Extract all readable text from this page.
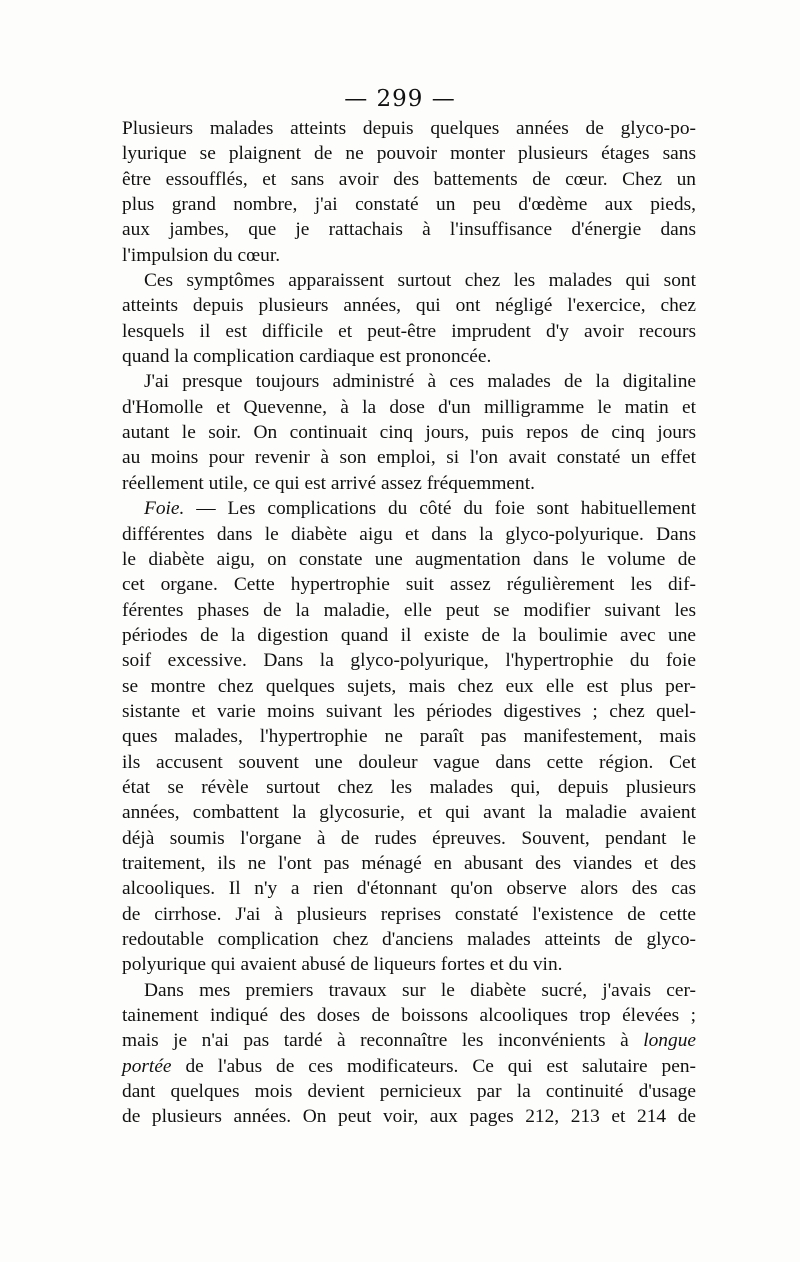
— 299 —
Plusieurs malades atteints depuis quelques années de glyco-po-
lyurique se plaignent de ne pouvoir monter plusieurs étages sans
être essoufflés, et sans avoir des battements de cœur. Chez un
plus grand nombre, j'ai constaté un peu d'œdème aux pieds,
aux jambes, que je rattachais à l'insuffisance d'énergie dans
l'impulsion du cœur.
Ces symptômes apparaissent surtout chez les malades qui sont
atteints depuis plusieurs années, qui ont négligé l'exercice, chez
lesquels il est difficile et peut-être imprudent d'y avoir recours
quand la complication cardiaque est prononcée.
J'ai presque toujours administré à ces malades de la digitaline
d'Homolle et Quevenne, à la dose d'un milligramme le matin et
autant le soir. On continuait cinq jours, puis repos de cinq jours
au moins pour revenir à son emploi, si l'on avait constaté un effet
réellement utile, ce qui est arrivé assez fréquemment.
Foie. — Les complications du côté du foie sont habituellement
différentes dans le diabète aigu et dans la glyco-polyurique. Dans
le diabète aigu, on constate une augmentation dans le volume de
cet organe. Cette hypertrophie suit assez régulièrement les dif-
férentes phases de la maladie, elle peut se modifier suivant les
périodes de la digestion quand il existe de la boulimie avec une
soif excessive. Dans la glyco-polyurique, l'hypertrophie du foie
se montre chez quelques sujets, mais chez eux elle est plus per-
sistante et varie moins suivant les périodes digestives ; chez quel-
ques malades, l'hypertrophie ne paraît pas manifestement, mais
ils accusent souvent une douleur vague dans cette région. Cet
état se révèle surtout chez les malades qui, depuis plusieurs
années, combattent la glycosurie, et qui avant la maladie avaient
déjà soumis l'organe à de rudes épreuves. Souvent, pendant le
traitement, ils ne l'ont pas ménagé en abusant des viandes et des
alcooliques. Il n'y a rien d'étonnant qu'on observe alors des cas
de cirrhose. J'ai à plusieurs reprises constaté l'existence de cette
redoutable complication chez d'anciens malades atteints de glyco-
polyurique qui avaient abusé de liqueurs fortes et du vin.
Dans mes premiers travaux sur le diabète sucré, j'avais cer-
tainement indiqué des doses de boissons alcooliques trop élevées ;
mais je n'ai pas tardé à reconnaître les inconvénients à longue
portée de l'abus de ces modificateurs. Ce qui est salutaire pen-
dant quelques mois devient pernicieux par la continuité d'usage
de plusieurs années. On peut voir, aux pages 212, 213 et 214 de
